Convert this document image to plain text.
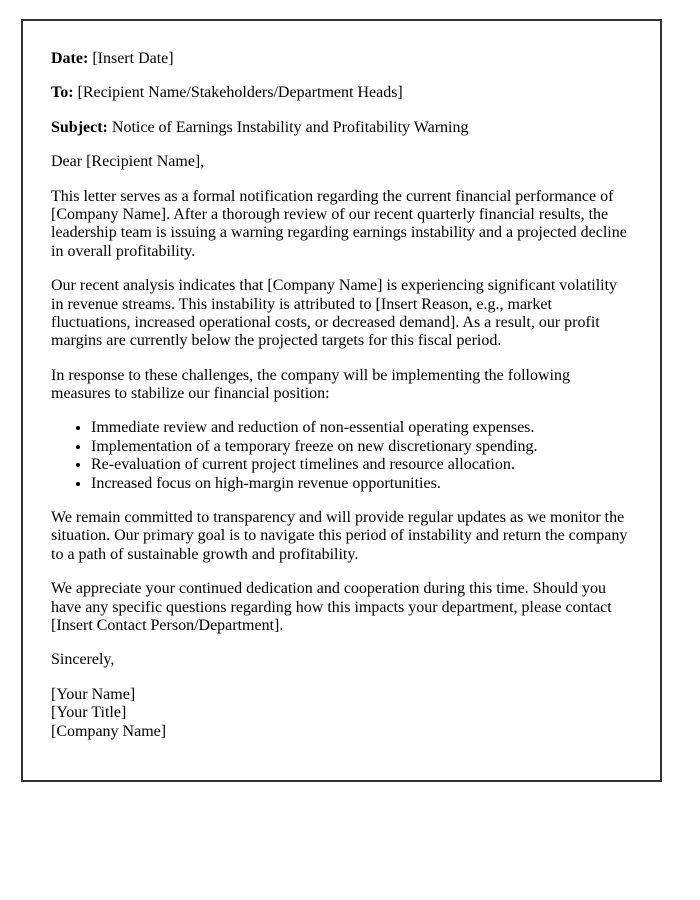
Date: [Insert Date]

To: [Recipient Name/Stakeholders/Department Heads]

Subject: Notice of Earnings Instability and Profitability Warning

Dear [Recipient Name],

This letter serves as a formal notification regarding the current financial performance of [Company Name]. After a thorough review of our recent quarterly financial results, the leadership team is issuing a warning regarding earnings instability and a projected decline in overall profitability.

Our recent analysis indicates that [Company Name] is experiencing significant volatility in revenue streams. This instability is attributed to [Insert Reason, e.g., market fluctuations, increased operational costs, or decreased demand]. As a result, our profit margins are currently below the projected targets for this fiscal period.

In response to these challenges, the company will be implementing the following measures to stabilize our financial position:

• Immediate review and reduction of non-essential operating expenses.
• Implementation of a temporary freeze on new discretionary spending.
• Re-evaluation of current project timelines and resource allocation.
• Increased focus on high-margin revenue opportunities.

We remain committed to transparency and will provide regular updates as we monitor the situation. Our primary goal is to navigate this period of instability and return the company to a path of sustainable growth and profitability.

We appreciate your continued dedication and cooperation during this time. Should you have any specific questions regarding how this impacts your department, please contact [Insert Contact Person/Department].

Sincerely,

[Your Name]
[Your Title]
[Company Name]
